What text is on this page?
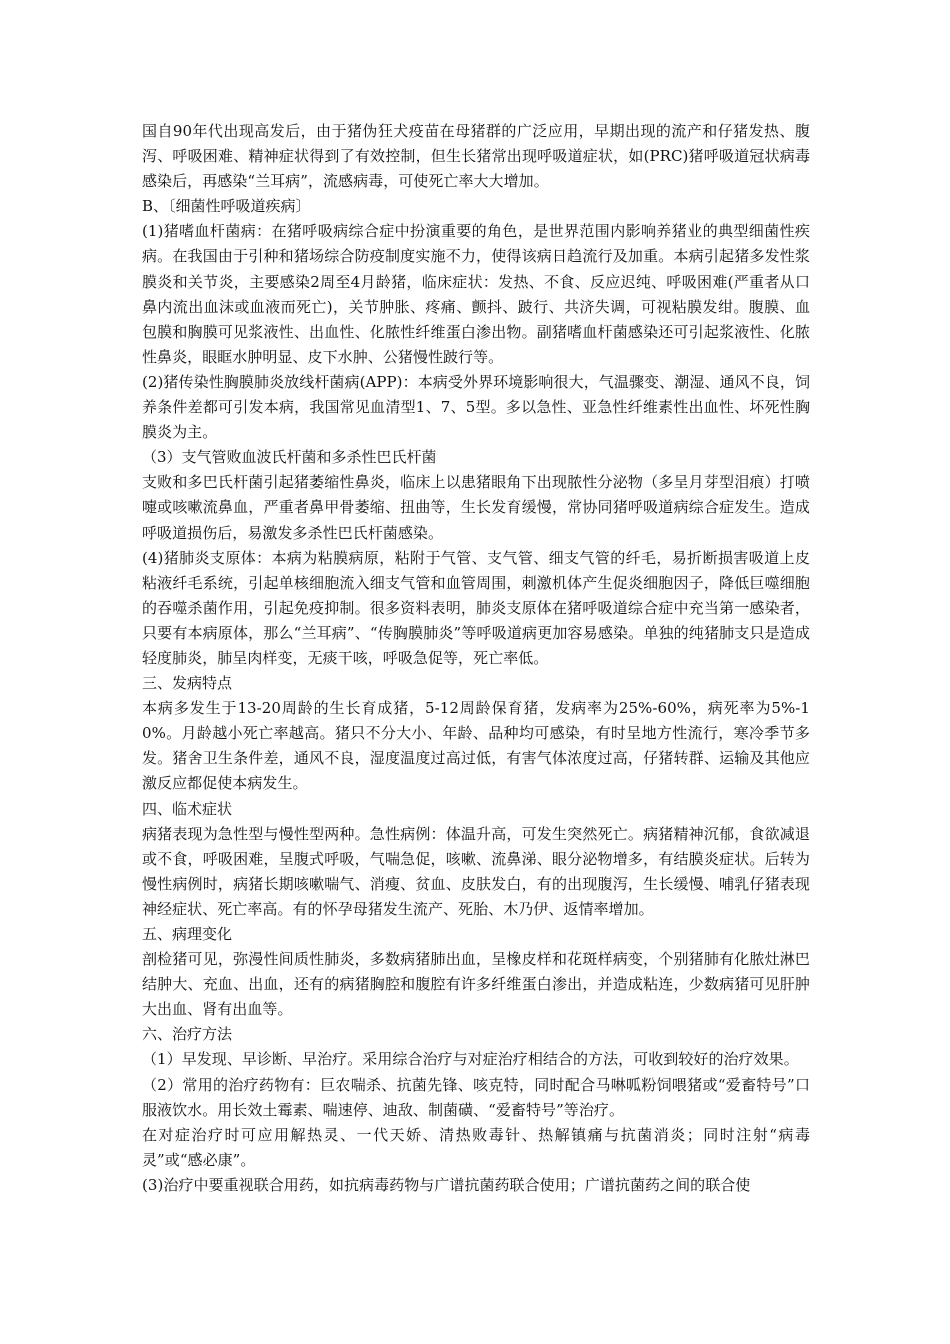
国自90年代出现高发后，由于猪伪狂犬疫苗在母猪群的广泛应用，早期出现的流产和仔猪发热、腹泻、呼吸困难、精神症状得到了有效控制，但生长猪常出现呼吸道症状，如(PRC)猪呼吸道冠状病毒感染后，再感染“兰耳病”，流感病毒，可使死亡率大大增加。

B、〔细菌性呼吸道疾病〕

(1)猪嗜血杆菌病：在猪呼吸病综合症中扮演重要的角色，是世界范围内影响养猪业的典型细菌性疾病。在我国由于引种和猪场综合防疫制度实施不力，使得该病日趋流行及加重。本病引起猪多发性浆膜炎和关节炎，主要感染2周至4月龄猪，临床症状：发热、不食、反应迟纯、呼吸困难(严重者从口鼻内流出血沫或血液而死亡)，关节肿胀、疼痛、颤抖、跛行、共济失调，可视粘膜发绀。腹膜、血包膜和胸膜可见浆液性、出血性、化脓性纤维蛋白渗出物。副猪嗜血杆菌感染还可引起浆液性、化脓性鼻炎，眼眶水肿明显、皮下水肿、公猪慢性跛行等。

(2)猪传染性胸膜肺炎放线杆菌病(APP)：本病受外界环境影响很大，气温骤变、潮湿、通风不良，饲养条件差都可引发本病，我国常见血清型1、7、5型。多以急性、亚急性纤维素性出血性、坏死性胸膜炎为主。

（3）支气管败血波氏杆菌和多杀性巴氏杆菌

支败和多巴氏杆菌引起猪萎缩性鼻炎，临床上以患猪眼角下出现脓性分泌物（多呈月芽型泪痕）打喷嚏或咳嗽流鼻血，严重者鼻甲骨萎缩、扭曲等，生长发育缓慢，常协同猪呼吸道病综合症发生。造成呼吸道损伤后，易激发多杀性巴氏杆菌感染。

(4)猪肺炎支原体：本病为粘膜病原，粘附于气管、支气管、细支气管的纤毛，易折断损害吸道上皮粘液纤毛系统，引起单核细胞流入细支气管和血管周围，刺激机体产生促炎细胞因子，降低巨噬细胞的吞噬杀菌作用，引起免疫抑制。很多资料表明，肺炎支原体在猪呼吸道综合症中充当第一感染者，只要有本病原体，那么“兰耳病”、“传胸膜肺炎”等呼吸道病更加容易感染。单独的纯猪肺支只是造成轻度肺炎，肺呈肉样变，无痰干咳，呼吸急促等，死亡率低。

三、发病特点

本病多发生于13-20周龄的生长育成猪，5-12周龄保育猪，发病率为25%-60%，病死率为5%-10%。月龄越小死亡率越高。猪只不分大小、年龄、品种均可感染，有时呈地方性流行，寒冷季节多发。猪舍卫生条件差，通风不良，湿度温度过高过低，有害气体浓度过高，仔猪转群、运输及其他应激反应都促使本病发生。

四、临术症状

病猪表现为急性型与慢性型两种。急性病例：体温升高，可发生突然死亡。病猪精神沉郁，食欲减退或不食，呼吸困难，呈腹式呼吸，气喘急促，咳嗽、流鼻涕、眼分泌物增多，有结膜炎症状。后转为慢性病例时，病猪长期咳嗽喘气、消瘦、贫血、皮肤发白，有的出现腹泻，生长缓慢、哺乳仔猪表现神经症状、死亡率高。有的怀孕母猪发生流产、死胎、木乃伊、返情率增加。

五、病理变化

剖检猪可见，弥漫性间质性肺炎，多数病猪肺出血，呈橡皮样和花斑样病变，个别猪肺有化脓灶淋巴结肿大、充血、出血，还有的病猪胸腔和腹腔有许多纤维蛋白渗出，并造成粘连，少数病猪可见肝肿大出血、肾有出血等。

六、治疗方法

（1）早发现、早诊断、早治疗。采用综合治疗与对症治疗相结合的方法，可收到较好的治疗效果。

（2）常用的治疗药物有：巨农喘杀、抗菌先锋、咳克特，同时配合马啉呱粉饲喂猪或“爱畜特号”口服液饮水。用长效土霉素、喘速停、迪敌、制菌磺、“爱畜特号”等治疗。

在对症治疗时可应用解热灵、一代天娇、清热败毒针、热解镇痛与抗菌消炎；同时注射“病毒灵”或“感必康”。

(3)治疗中要重视联合用药，如抗病毒药物与广谱抗菌药联合使用；广谱抗菌药之间的联合使
